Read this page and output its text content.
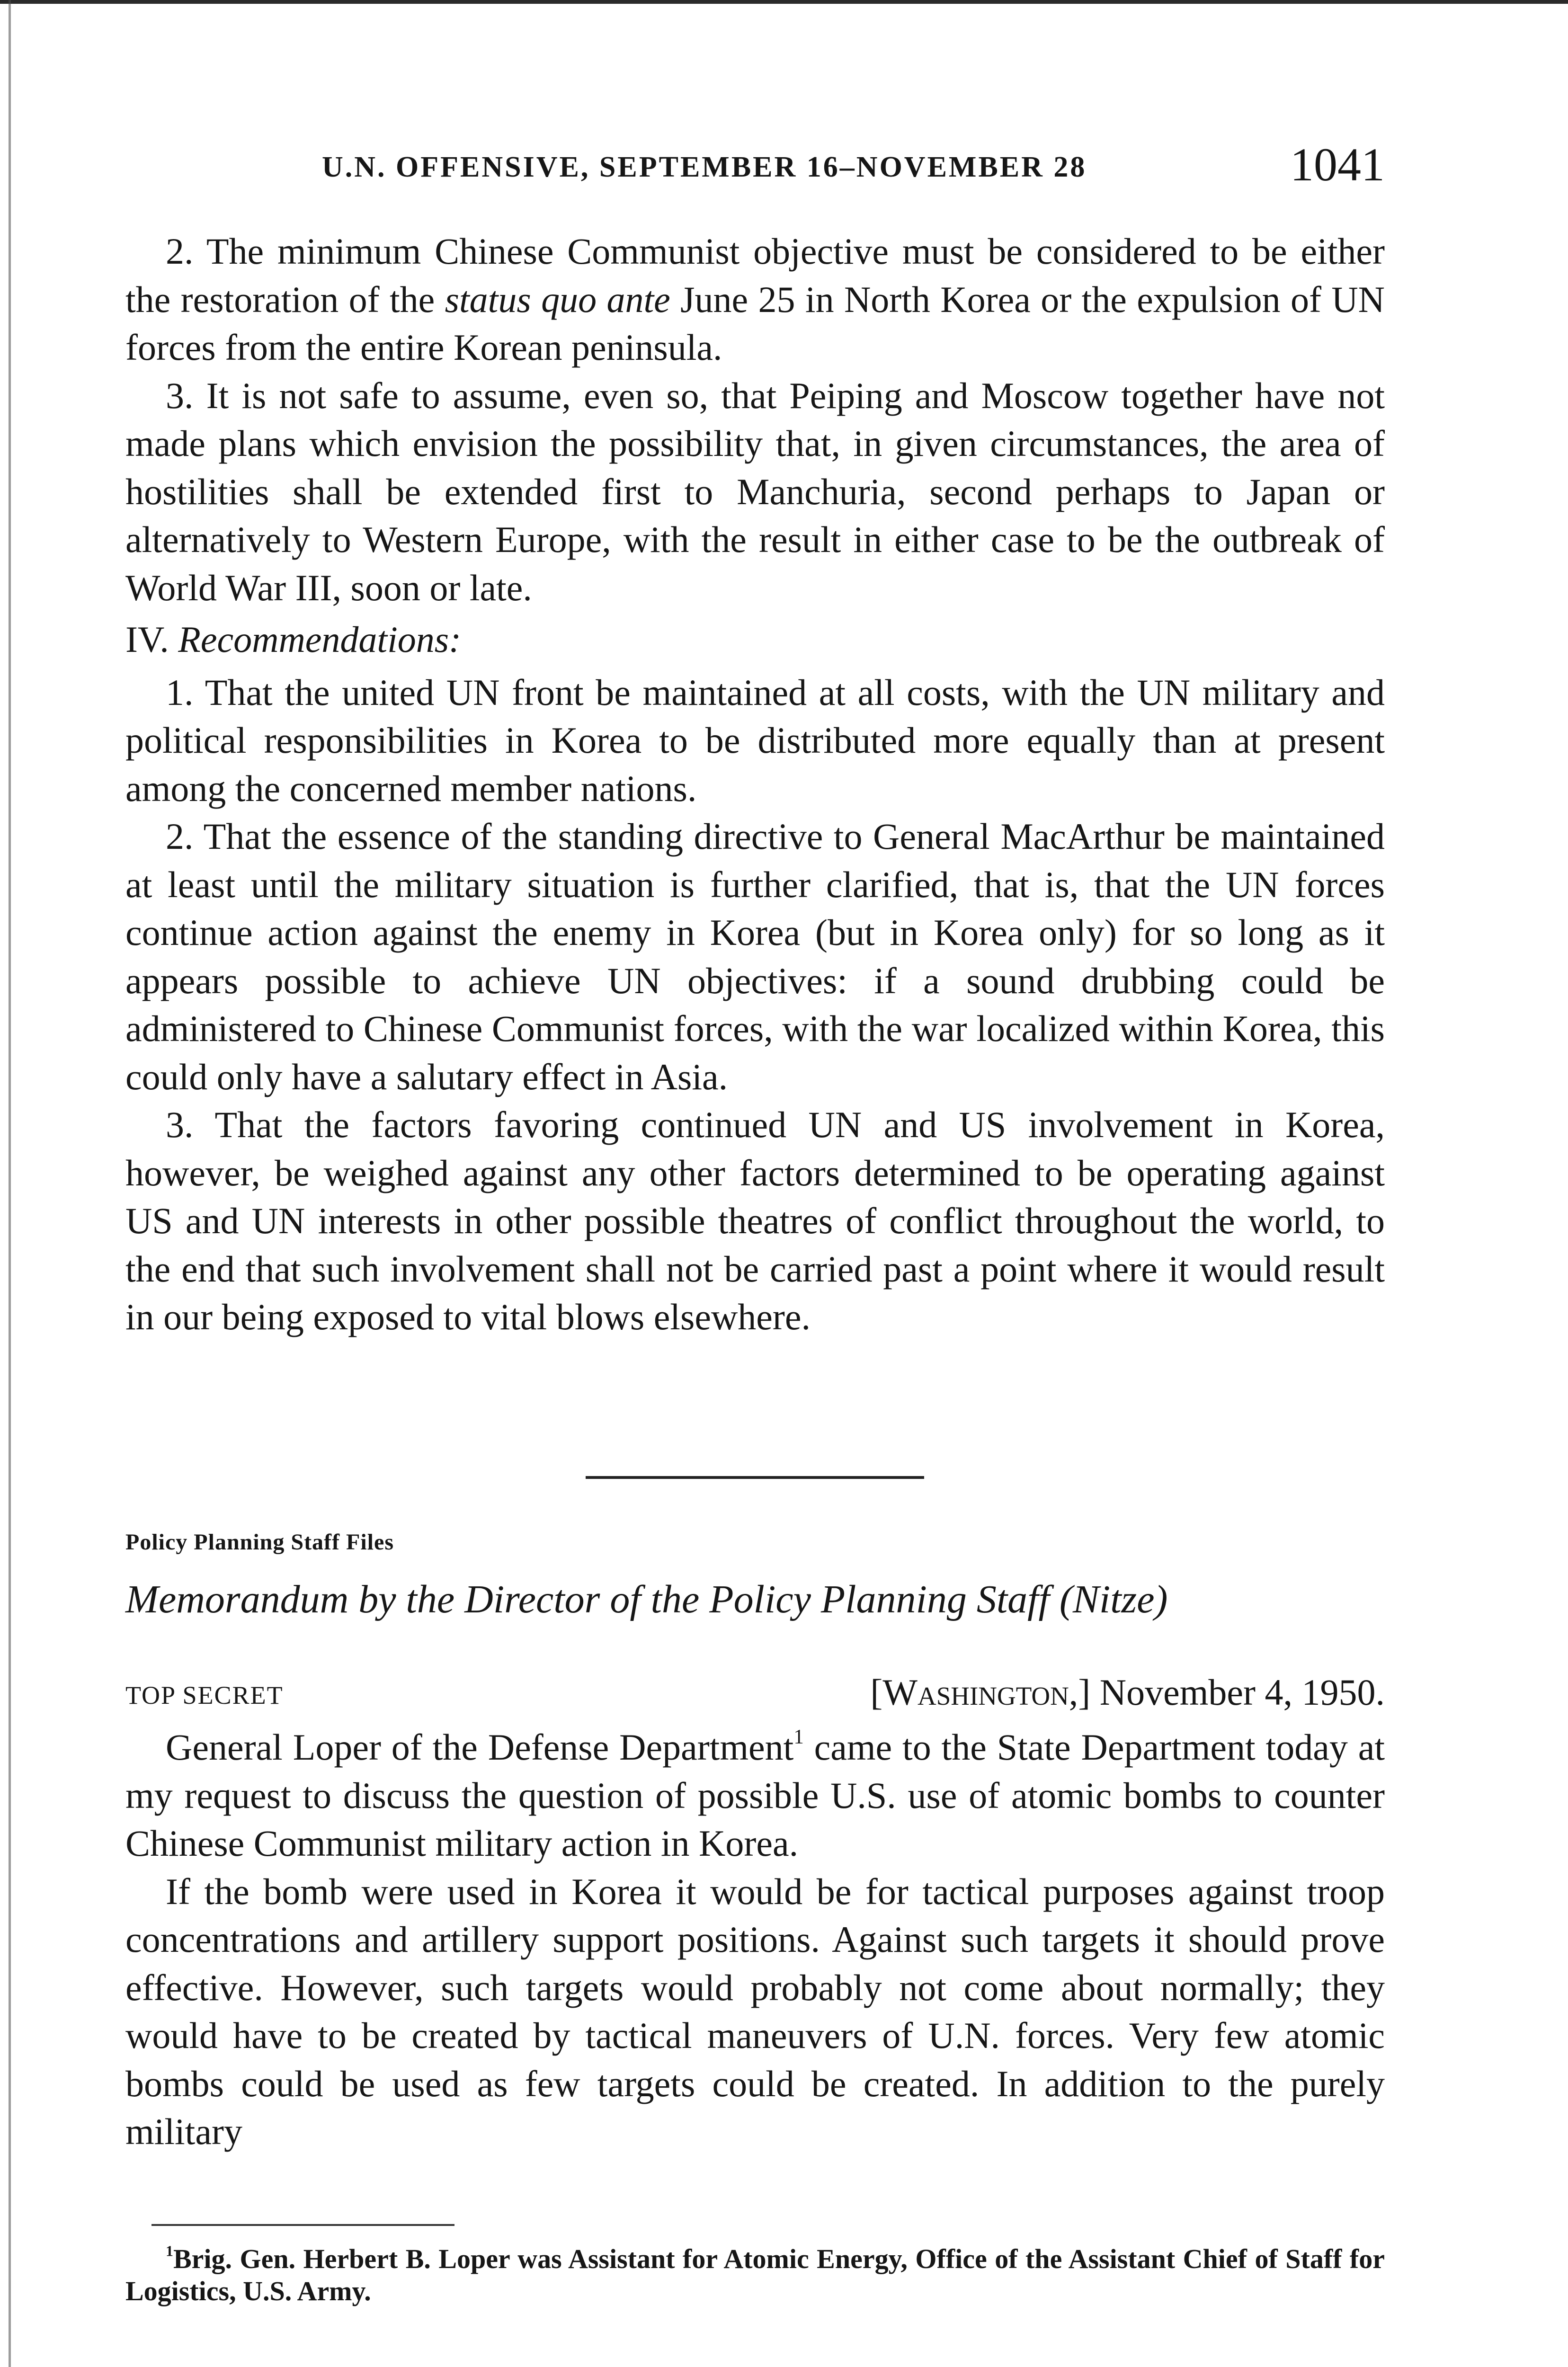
U.N. OFFENSIVE, SEPTEMBER 16–NOVEMBER 28	1041

2. The minimum Chinese Communist objective must be considered to be either the restoration of the status quo ante June 25 in North Korea or the expulsion of UN forces from the entire Korean peninsula.

3. It is not safe to assume, even so, that Peiping and Moscow together have not made plans which envision the possibility that, in given circumstances, the area of hostilities shall be extended first to Manchuria, second perhaps to Japan or alternatively to Western Europe, with the result in either case to be the outbreak of World War III, soon or late.

IV. Recommendations:

1. That the united UN front be maintained at all costs, with the UN military and political responsibilities in Korea to be distributed more equally than at present among the concerned member nations.

2. That the essence of the standing directive to General MacArthur be maintained at least until the military situation is further clarified, that is, that the UN forces continue action against the enemy in Korea (but in Korea only) for so long as it appears possible to achieve UN objectives: if a sound drubbing could be administered to Chinese Communist forces, with the war localized within Korea, this could only have a salutary effect in Asia.

3. That the factors favoring continued UN and US involvement in Korea, however, be weighed against any other factors determined to be operating against US and UN interests in other possible theatres of conflict throughout the world, to the end that such involvement shall not be carried past a point where it would result in our being exposed to vital blows elsewhere.

Policy Planning Staff Files
Memorandum by the Director of the Policy Planning Staff (Nitze)
TOP SECRET	[Washington,] November 4, 1950.

General Loper of the Defense Department$^1$ came to the State Department today at my request to discuss the question of possible U.S. use of atomic bombs to counter Chinese Communist military action in Korea.

If the bomb were used in Korea it would be for tactical purposes against troop concentrations and artillery support positions. Against such targets it should prove effective. However, such targets would probably not come about normally; they would have to be created by tactical maneuvers of U.N. forces. Very few atomic bombs could be used as few targets could be created. In addition to the purely military

$^1$Brig. Gen. Herbert B. Loper was Assistant for Atomic Energy, Office of the Assistant Chief of Staff for Logistics, U.S. Army.
